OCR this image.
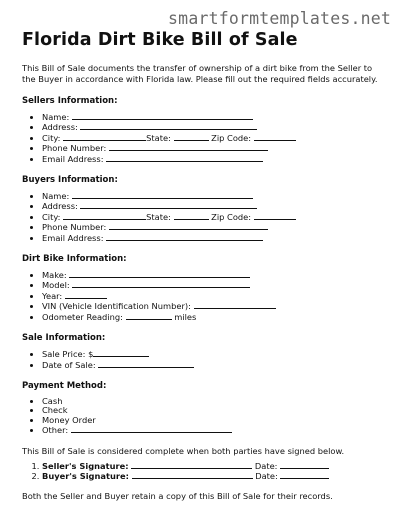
smartformtemplates.net
Florida Dirt Bike Bill of Sale

This Bill of Sale documents the transfer of ownership of a dirt bike from the Seller to the Buyer in accordance with Florida law. Please fill out the required fields accurately.

Sellers Information:
• Name:
• Address:
• City:	State:	Zip Code:
• Phone Number:
• Email Address:
Buyers Information:
• Name:
• Address:
• City:	State:	Zip Code:
• Phone Number:
• Email Address:
Dirt Bike Information:
• Make:
• Model:
• Year:
• VIN (Vehicle Identification Number):
• Odometer Reading:	miles
Sale Information:
• Sale Price: $
• Date of Sale:
Payment Method:
• Cash
• Check
• Money Order
• Other:

This Bill of Sale is considered complete when both parties have signed below.

1. Seller's Signature:	Date:
2. Buyer's Signature:	Date:

Both the Seller and Buyer retain a copy of this Bill of Sale for their records.
